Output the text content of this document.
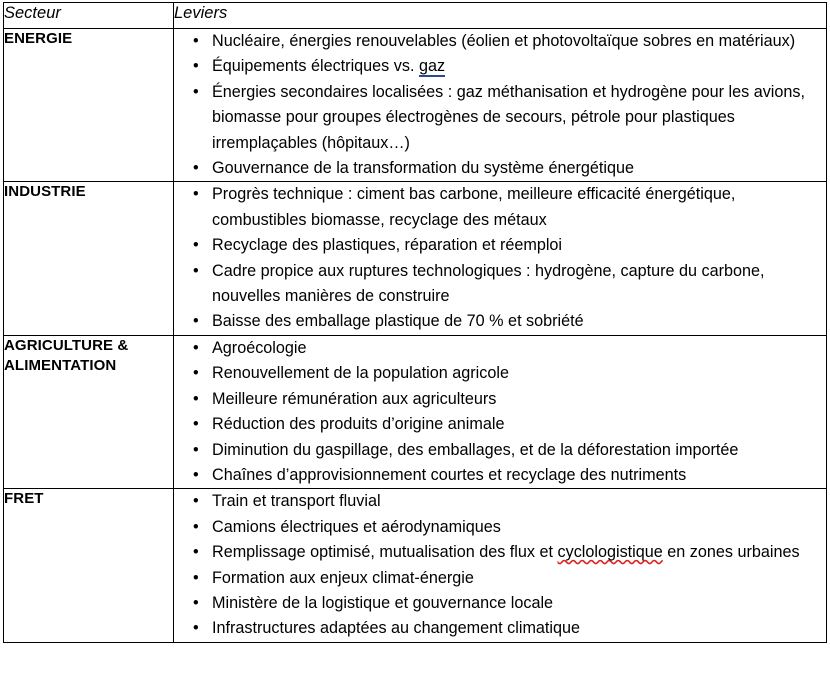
Secteur	Leviers
ENERGIE	
•Nucléaire, énergies renouvelables (éolien et photovoltaïque sobres en matériaux)
• Équipements électriques vs. gaz
• Énergies secondaires localisées : gaz méthanisation et hydrogène pour les avions, biomasse pour groupes électrogènes de secours, pétrole pour plastiques irremplaçables (hôpitaux…)
• Gouvernance de la transformation du système énergétique

INDUSTRIE	
•Progrès technique : ciment bas carbone, meilleure efficacité énergétique, combustibles biomasse, recyclage des métaux
• Recyclage des plastiques, réparation et réemploi
• Cadre propice aux ruptures technologiques : hydrogène, capture du carbone, nouvelles manières de construire
• Baisse des emballage plastique de 70 % et sobriété

AGRICULTURE & ALIMENTATION	
• Agroécologie
• Renouvellement de la population agricole
• Meilleure rémunération aux agriculteurs
• Réduction des produits d’origine animale
• Diminution du gaspillage, des emballages, et de la déforestation importée
• Chaînes d’approvisionnement courtes et recyclage des nutriments

FRET	
•Train et transport fluvial
• Camions électriques et aérodynamiques
• Remplissage optimisé, mutualisation des flux et cyclologistique en zones urbaines
• Formation aux enjeux climat-énergie
• Ministère de la logistique et gouvernance locale
• Infrastructures adaptées au changement climatique
